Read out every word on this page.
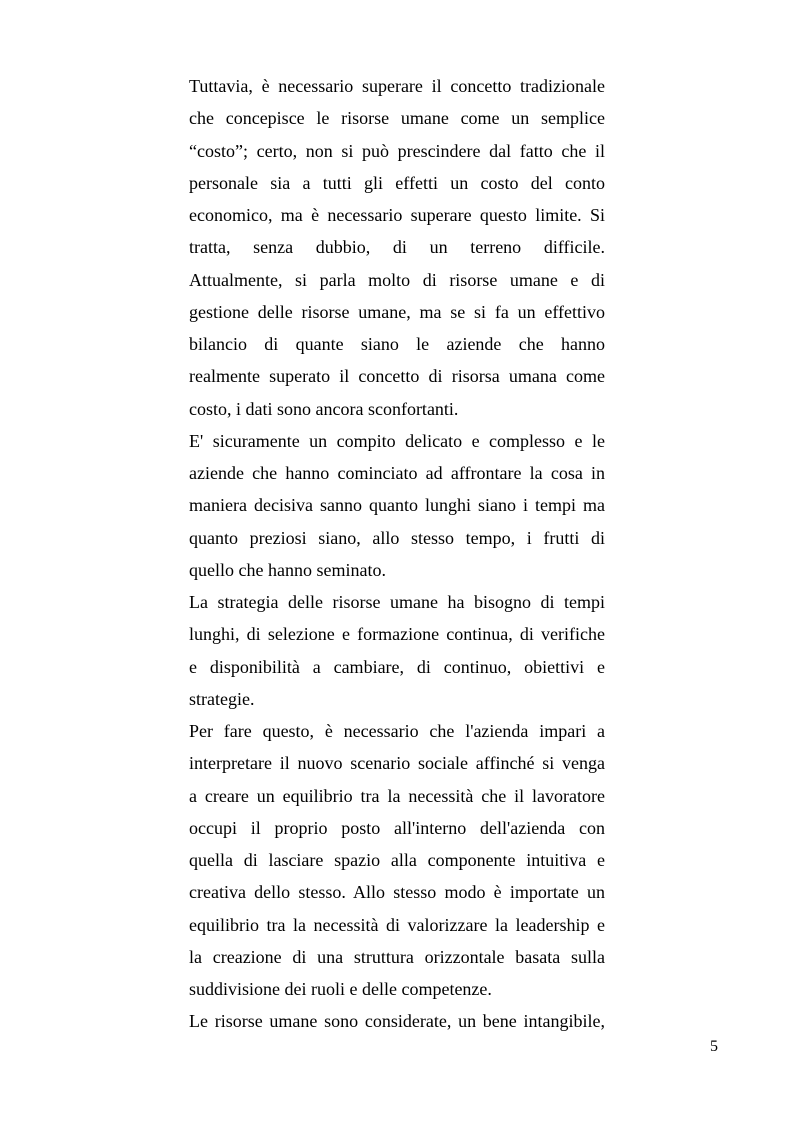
Tuttavia, è necessario superare il concetto tradizionale
che concepisce le risorse umane come un semplice
“costo”; certo, non si può prescindere dal fatto che il
personale sia a tutti gli effetti un costo del conto
economico, ma è necessario superare questo limite. Si
tratta, senza dubbio, di un terreno difficile.
Attualmente, si parla molto di risorse umane e di
gestione delle risorse umane, ma se si fa un effettivo
bilancio di quante siano le aziende che hanno
realmente superato il concetto di risorsa umana come
costo, i dati sono ancora sconfortanti.
E' sicuramente un compito delicato e complesso e le
aziende che hanno cominciato ad affrontare la cosa in
maniera decisiva sanno quanto lunghi siano i tempi ma
quanto preziosi siano, allo stesso tempo, i frutti di
quello che hanno seminato.
La strategia delle risorse umane ha bisogno di tempi
lunghi, di selezione e formazione continua, di verifiche
e disponibilità a cambiare, di continuo, obiettivi e
strategie.
Per fare questo, è necessario che l'azienda impari a
interpretare il nuovo scenario sociale affinché si venga
a creare un equilibrio tra la necessità che il lavoratore
occupi il proprio posto all'interno dell'azienda con
quella di lasciare spazio alla componente intuitiva e
creativa dello stesso. Allo stesso modo è importate un
equilibrio tra la necessità di valorizzare la leadership e
la creazione di una struttura orizzontale basata sulla
suddivisione dei ruoli e delle competenze.
Le risorse umane sono considerate, un bene intangibile,
5
